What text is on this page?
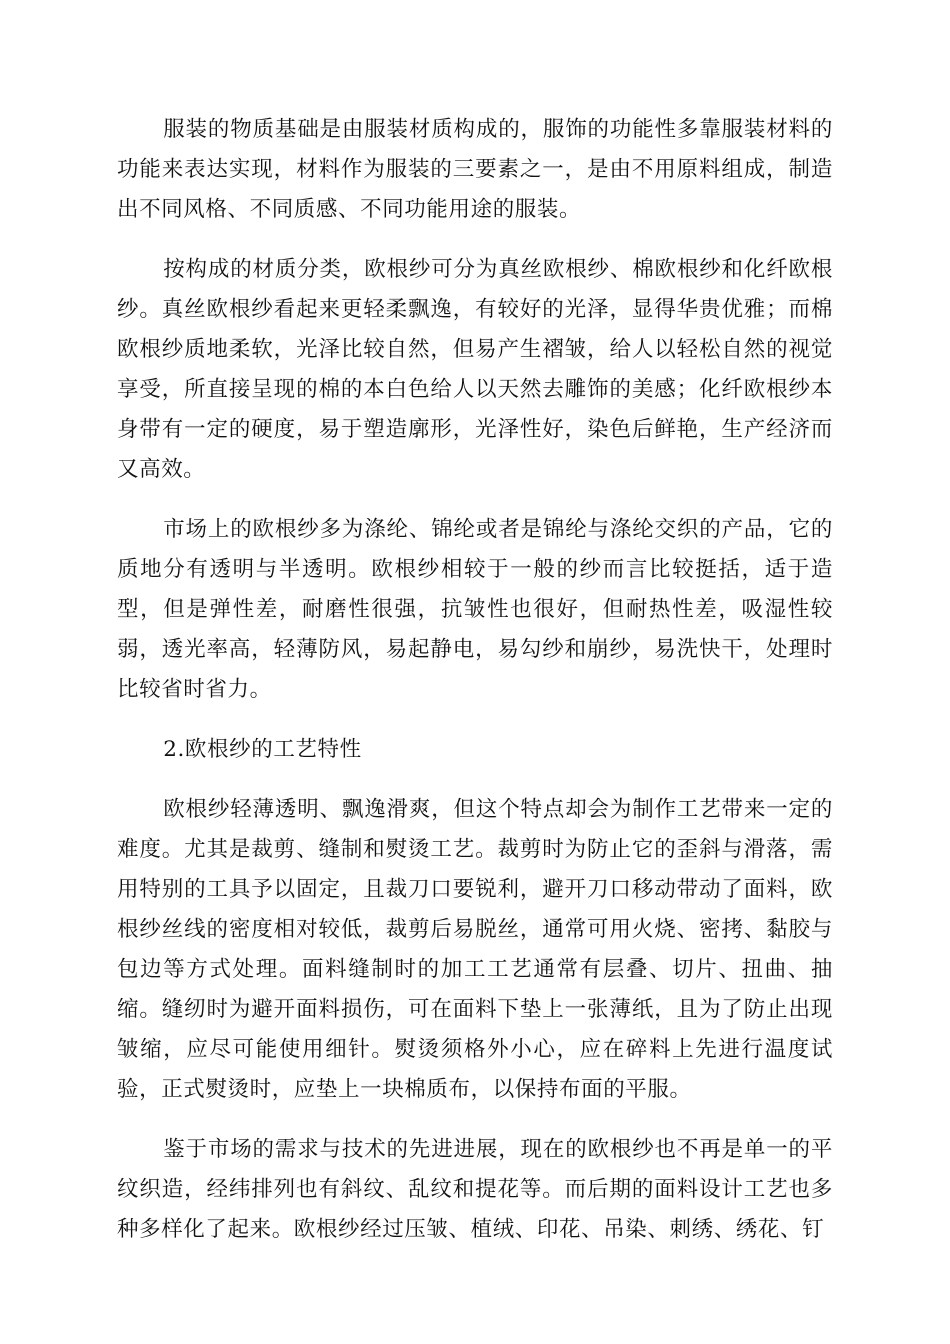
服装的物质基础是由服装材质构成的，服饰的功能性多靠服装材料的功能来表达实现，材料作为服装的三要素之一，是由不用原料组成，制造出不同风格、不同质感、不同功能用途的服装。

按构成的材质分类，欧根纱可分为真丝欧根纱、棉欧根纱和化纤欧根纱。真丝欧根纱看起来更轻柔飘逸，有较好的光泽，显得华贵优雅；而棉欧根纱质地柔软，光泽比较自然，但易产生褶皱，给人以轻松自然的视觉享受，所直接呈现的棉的本白色给人以天然去雕饰的美感；化纤欧根纱本身带有一定的硬度，易于塑造廓形，光泽性好，染色后鲜艳，生产经济而又高效。

市场上的欧根纱多为涤纶、锦纶或者是锦纶与涤纶交织的产品，它的质地分有透明与半透明。欧根纱相较于一般的纱而言比较挺括，适于造型，但是弹性差，耐磨性很强，抗皱性也很好，但耐热性差，吸湿性较弱，透光率高，轻薄防风，易起静电，易勾纱和崩纱，易洗快干，处理时比较省时省力。

2.欧根纱的工艺特性

欧根纱轻薄透明、飘逸滑爽，但这个特点却会为制作工艺带来一定的难度。尤其是裁剪、缝制和熨烫工艺。裁剪时为防止它的歪斜与滑落，需用特别的工具予以固定，且裁刀口要锐利，避开刀口移动带动了面料，欧根纱丝线的密度相对较低，裁剪后易脱丝，通常可用火烧、密拷、黏胶与包边等方式处理。面料缝制时的加工工艺通常有层叠、切片、扭曲、抽缩。缝纫时为避开面料损伤，可在面料下垫上一张薄纸，且为了防止出现皱缩，应尽可能使用细针。熨烫须格外小心，应在碎料上先进行温度试验，正式熨烫时，应垫上一块棉质布，以保持布面的平服。

鉴于市场的需求与技术的先进进展，现在的欧根纱也不再是单一的平纹织造，经纬排列也有斜纹、乱纹和提花等。而后期的面料设计工艺也多种多样化了起来。欧根纱经过压皱、植绒、印花、吊染、刺绣、绣花、钉
